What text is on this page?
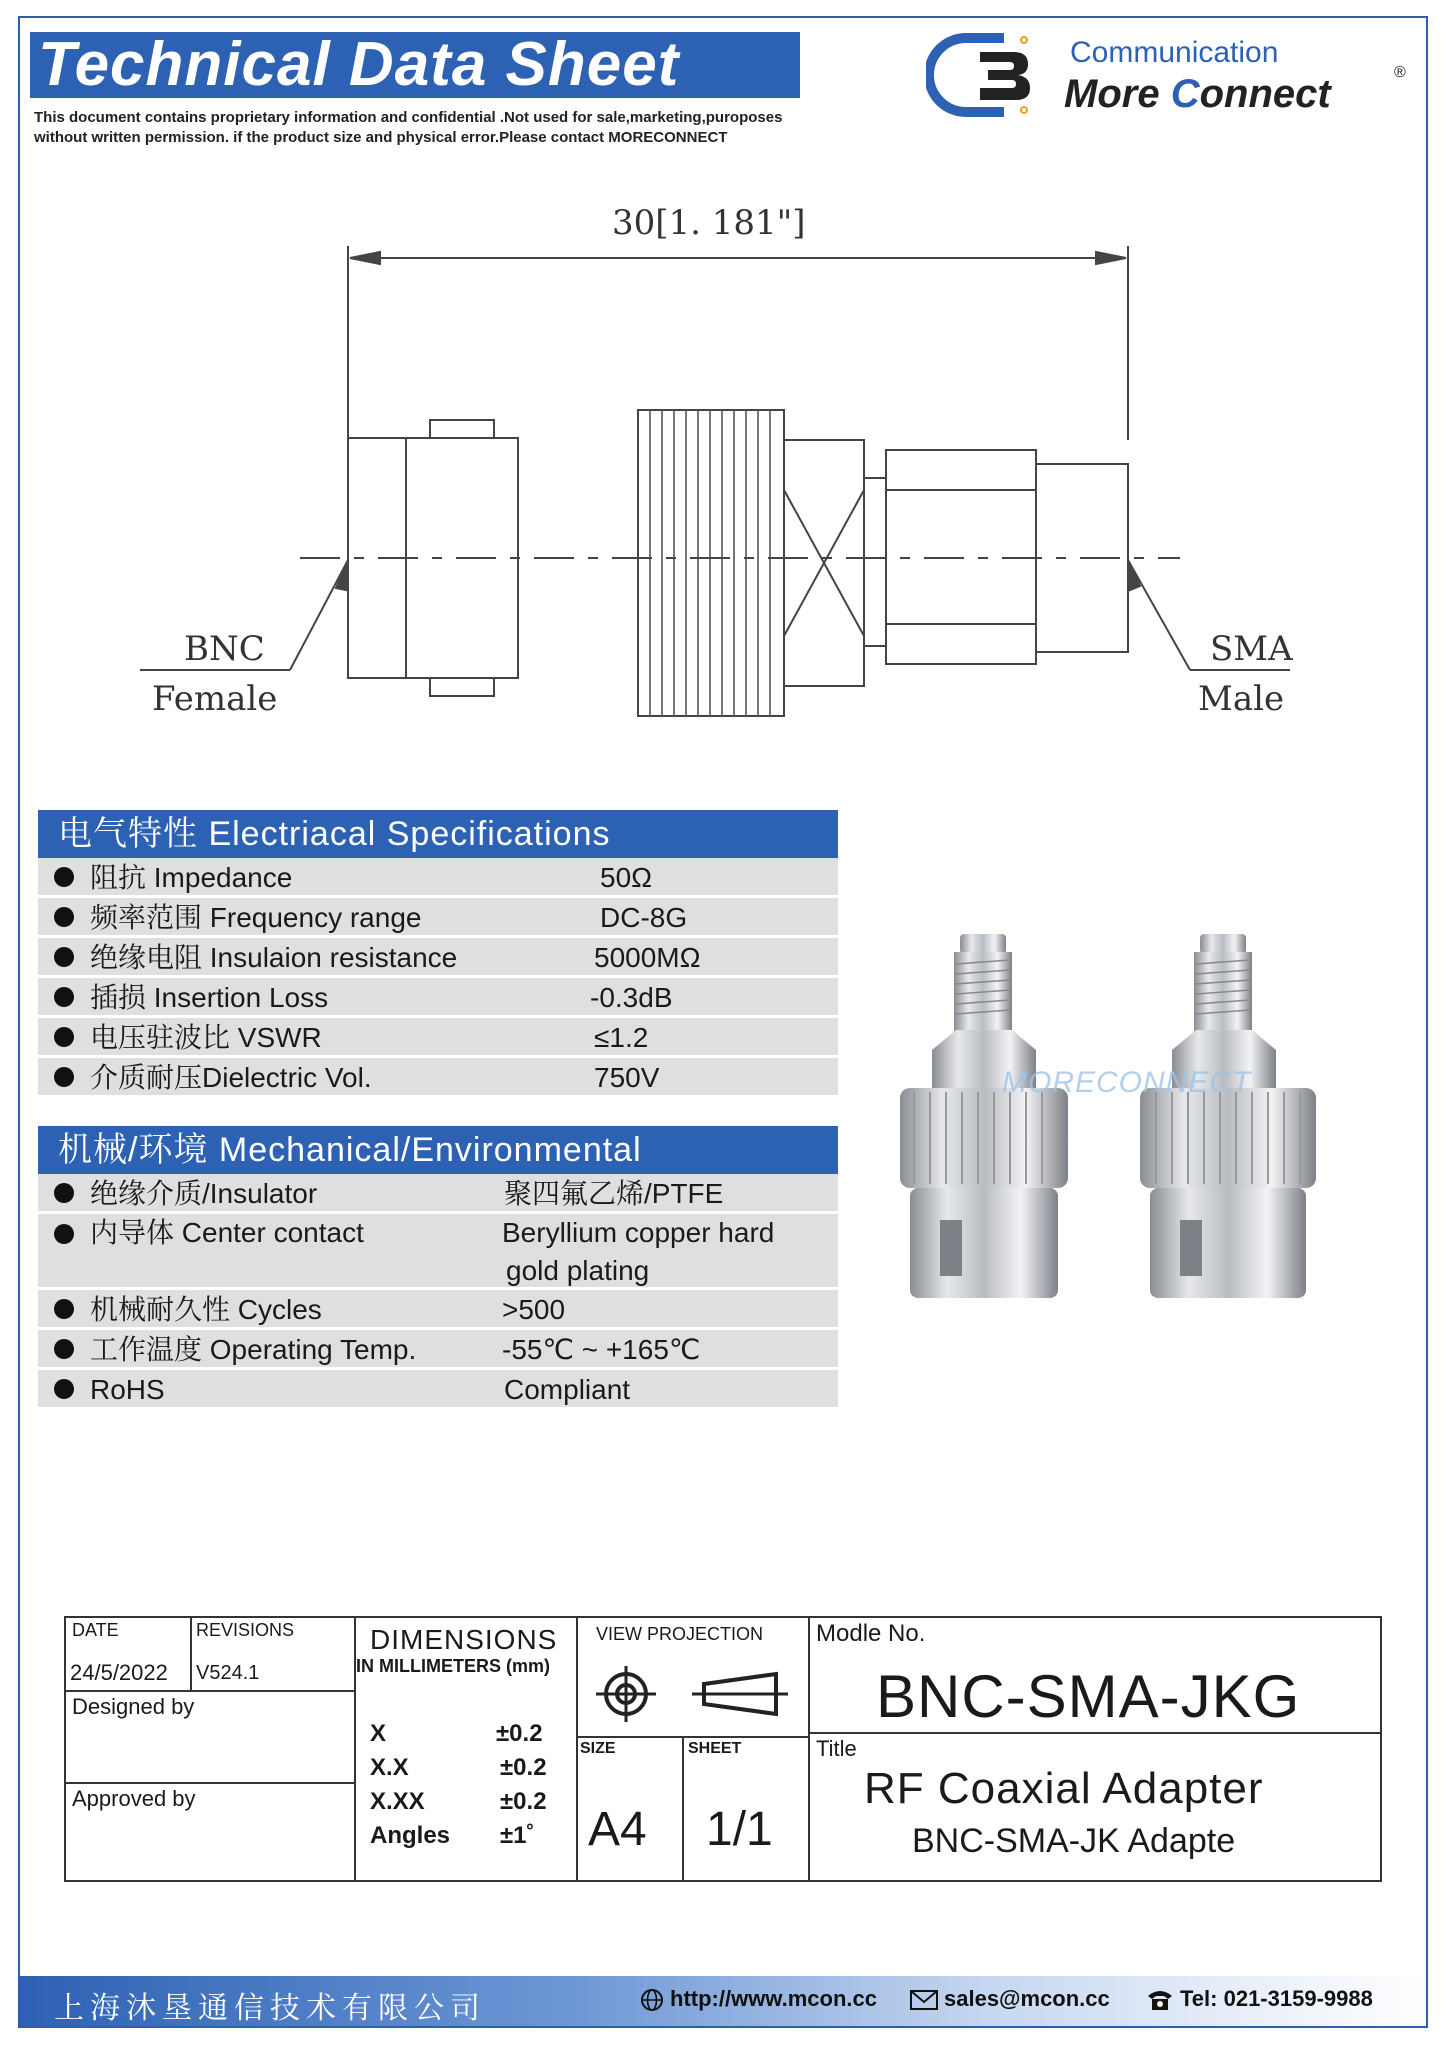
Technical Data Sheet
This document contains proprietary information and confidential .Not used for sale,marketing,puroposes
without written permission. if the product size and physical error.Please contact MORECONNECT
Communication
More Connect	®
30[1. 181"]
BNC
Female
SMA
Male
电气特性 Electriacal Specifications
阻抗 Impedance	50Ω
频率范围 Frequency range	DC-8G
绝缘电阻 Insulaion resistance	5000MΩ
插损 Insertion Loss	-0.3dB
电压驻波比 VSWR	≤1.2
介质耐压Dielectric Vol.	750V
机械/环境 Mechanical/Environmental
绝缘介质/Insulator	聚四氟乙烯/PTFE
内导体 Center contact	Beryllium copper hard
gold plating
机械耐久性 Cycles	>500
工作温度 Operating Temp.	-55℃ ~ +165℃
RoHS	Compliant
MORECONNECT
DATE
24/5/2022
REVISIONS
V524.1
Designed by
Approved by
DIMENSIONS
IN MILLIMETERS (mm)
X	±0.2
X.X	±0.2
X.XX	±0.2
Angles ±1˚
VIEW PROJECTION
SIZE
A4
SHEET
1/1
Modle No.
BNC-SMA-JKG
Title
RF Coaxial Adapter
BNC-SMA-JK Adapte
上海沐垦通信技术有限公司	http://www.mcon.cc	sales@mcon.cc	Tel: 021-3159-9988
